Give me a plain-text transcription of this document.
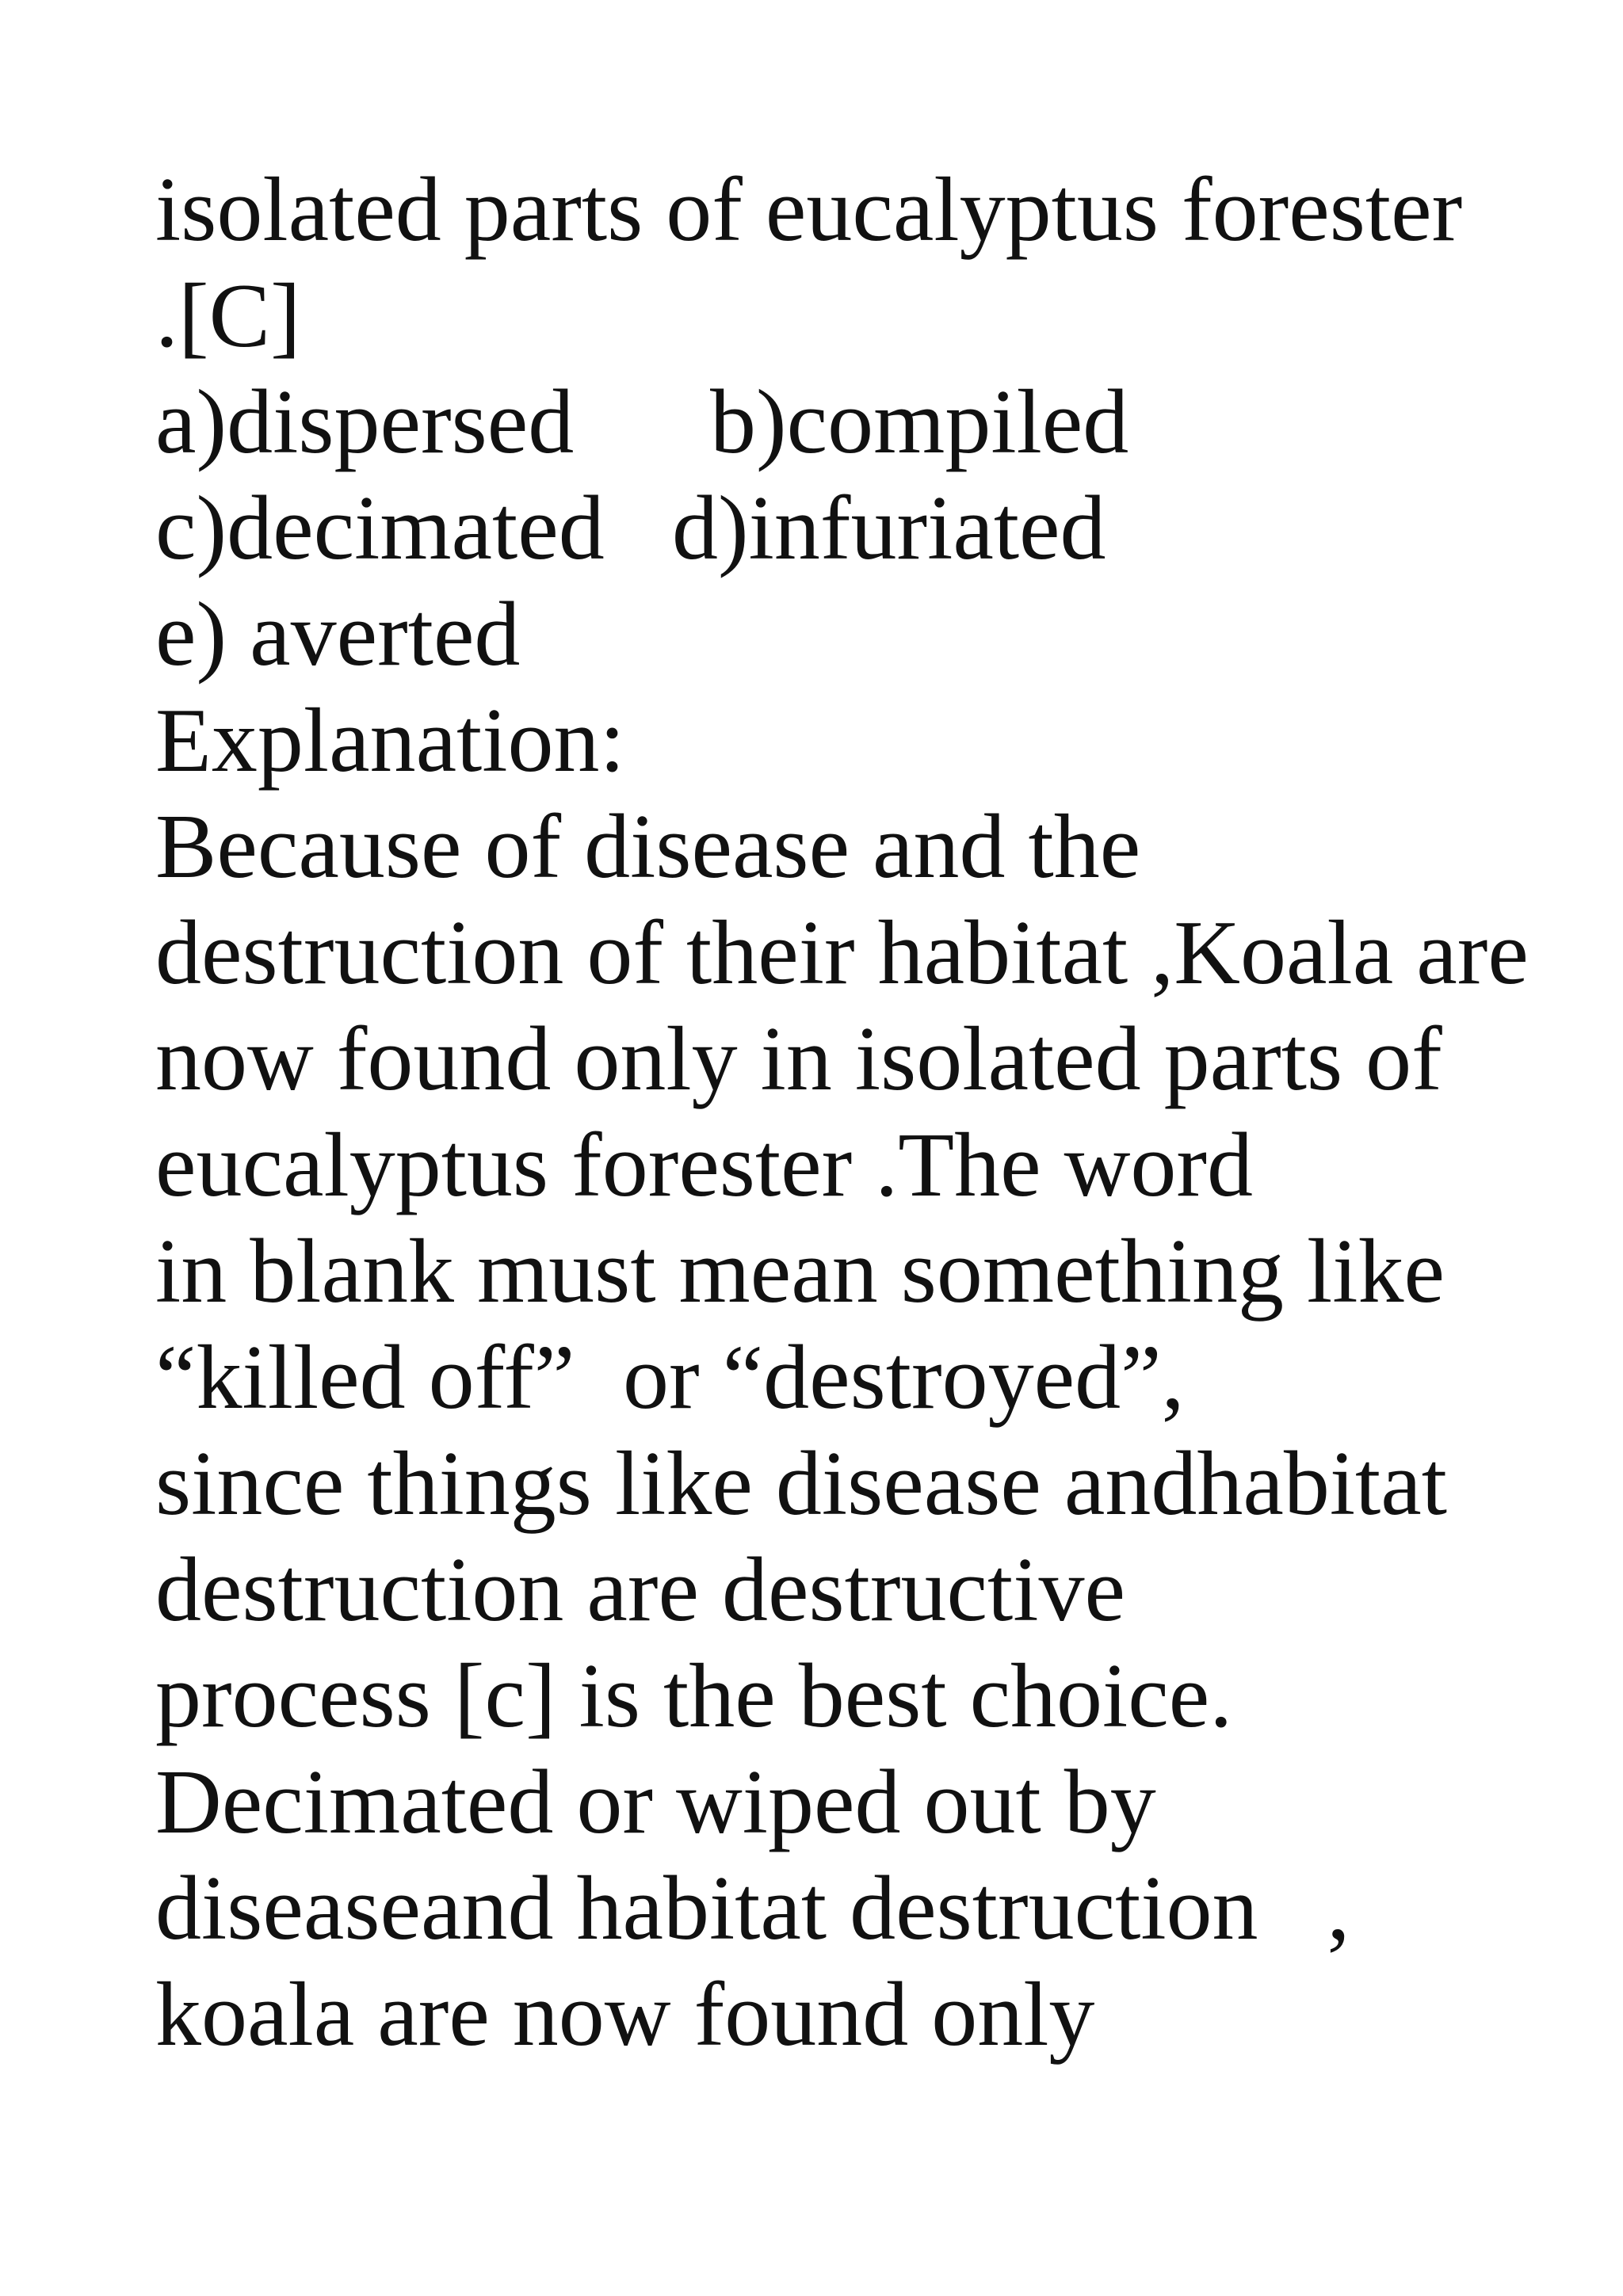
isolated parts of eucalyptus forester

.[C]

a)dispersed	b)compiled
c)decimated d)infuriated

e) averted

Explanation:

Because of disease and the

destruction of their habitat ,Koala are

now found only in isolated parts of

eucalyptus forester .The word

in blank must mean something like

“killed off” or “destroyed”,

since things like disease andhabitat

destruction are destructive

process [c] is the best choice.

Decimated or wiped out by

diseaseand habitat destruction   ,

koala are now found only
